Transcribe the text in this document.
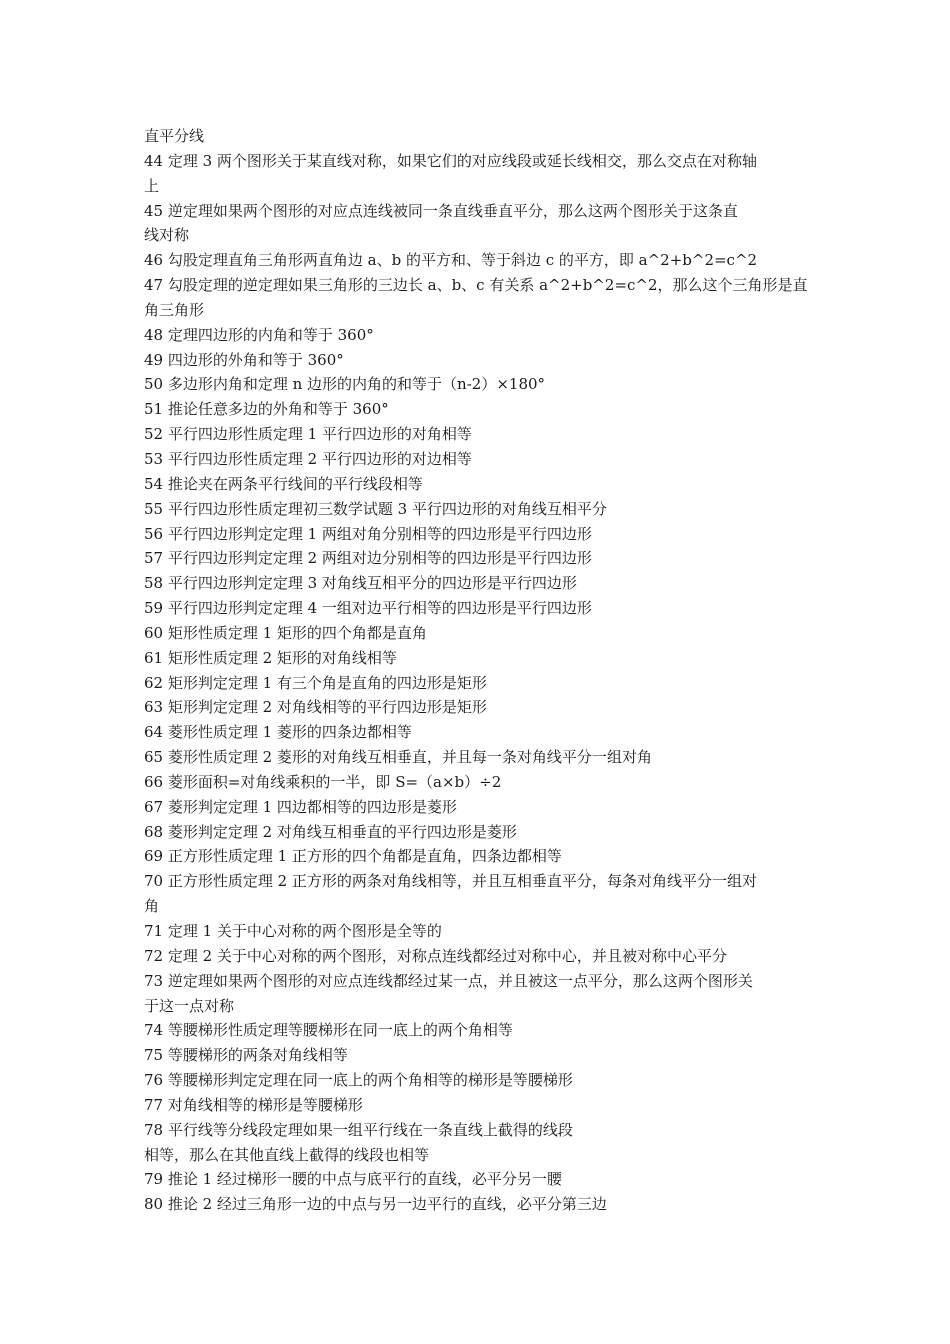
直平分线
44 定理 3 两个图形关于某直线对称，如果它们的对应线段或延长线相交，那么交点在对称轴
上
45 逆定理如果两个图形的对应点连线被同一条直线垂直平分，那么这两个图形关于这条直
线对称
46 勾股定理直角三角形两直角边 a、b 的平方和、等于斜边 c 的平方，即 a^2+b^2=c^2
47 勾股定理的逆定理如果三角形的三边长 a、b、c 有关系 a^2+b^2=c^2，那么这个三角形是直
角三角形
48 定理四边形的内角和等于 360°
49 四边形的外角和等于 360°
50 多边形内角和定理 n 边形的内角的和等于（n-2）×180°
51 推论任意多边的外角和等于 360°
52 平行四边形性质定理 1 平行四边形的对角相等
53 平行四边形性质定理 2 平行四边形的对边相等
54 推论夹在两条平行线间的平行线段相等
55 平行四边形性质定理初三数学试题 3 平行四边形的对角线互相平分
56 平行四边形判定定理 1 两组对角分别相等的四边形是平行四边形
57 平行四边形判定定理 2 两组对边分别相等的四边形是平行四边形
58 平行四边形判定定理 3 对角线互相平分的四边形是平行四边形
59 平行四边形判定定理 4 一组对边平行相等的四边形是平行四边形
60 矩形性质定理 1 矩形的四个角都是直角
61 矩形性质定理 2 矩形的对角线相等
62 矩形判定定理 1 有三个角是直角的四边形是矩形
63 矩形判定定理 2 对角线相等的平行四边形是矩形
64 菱形性质定理 1 菱形的四条边都相等
65 菱形性质定理 2 菱形的对角线互相垂直，并且每一条对角线平分一组对角
66 菱形面积=对角线乘积的一半，即 S=（a×b）÷2
67 菱形判定定理 1 四边都相等的四边形是菱形
68 菱形判定定理 2 对角线互相垂直的平行四边形是菱形
69 正方形性质定理 1 正方形的四个角都是直角，四条边都相等
70 正方形性质定理 2 正方形的两条对角线相等，并且互相垂直平分，每条对角线平分一组对
角
71 定理 1 关于中心对称的两个图形是全等的
72 定理 2 关于中心对称的两个图形，对称点连线都经过对称中心，并且被对称中心平分
73 逆定理如果两个图形的对应点连线都经过某一点，并且被这一点平分，那么这两个图形关
于这一点对称
74 等腰梯形性质定理等腰梯形在同一底上的两个角相等
75 等腰梯形的两条对角线相等
76 等腰梯形判定定理在同一底上的两个角相等的梯形是等腰梯形
77 对角线相等的梯形是等腰梯形
78 平行线等分线段定理如果一组平行线在一条直线上截得的线段
相等，那么在其他直线上截得的线段也相等
79 推论 1 经过梯形一腰的中点与底平行的直线，必平分另一腰
80 推论 2 经过三角形一边的中点与另一边平行的直线，必平分第三边
